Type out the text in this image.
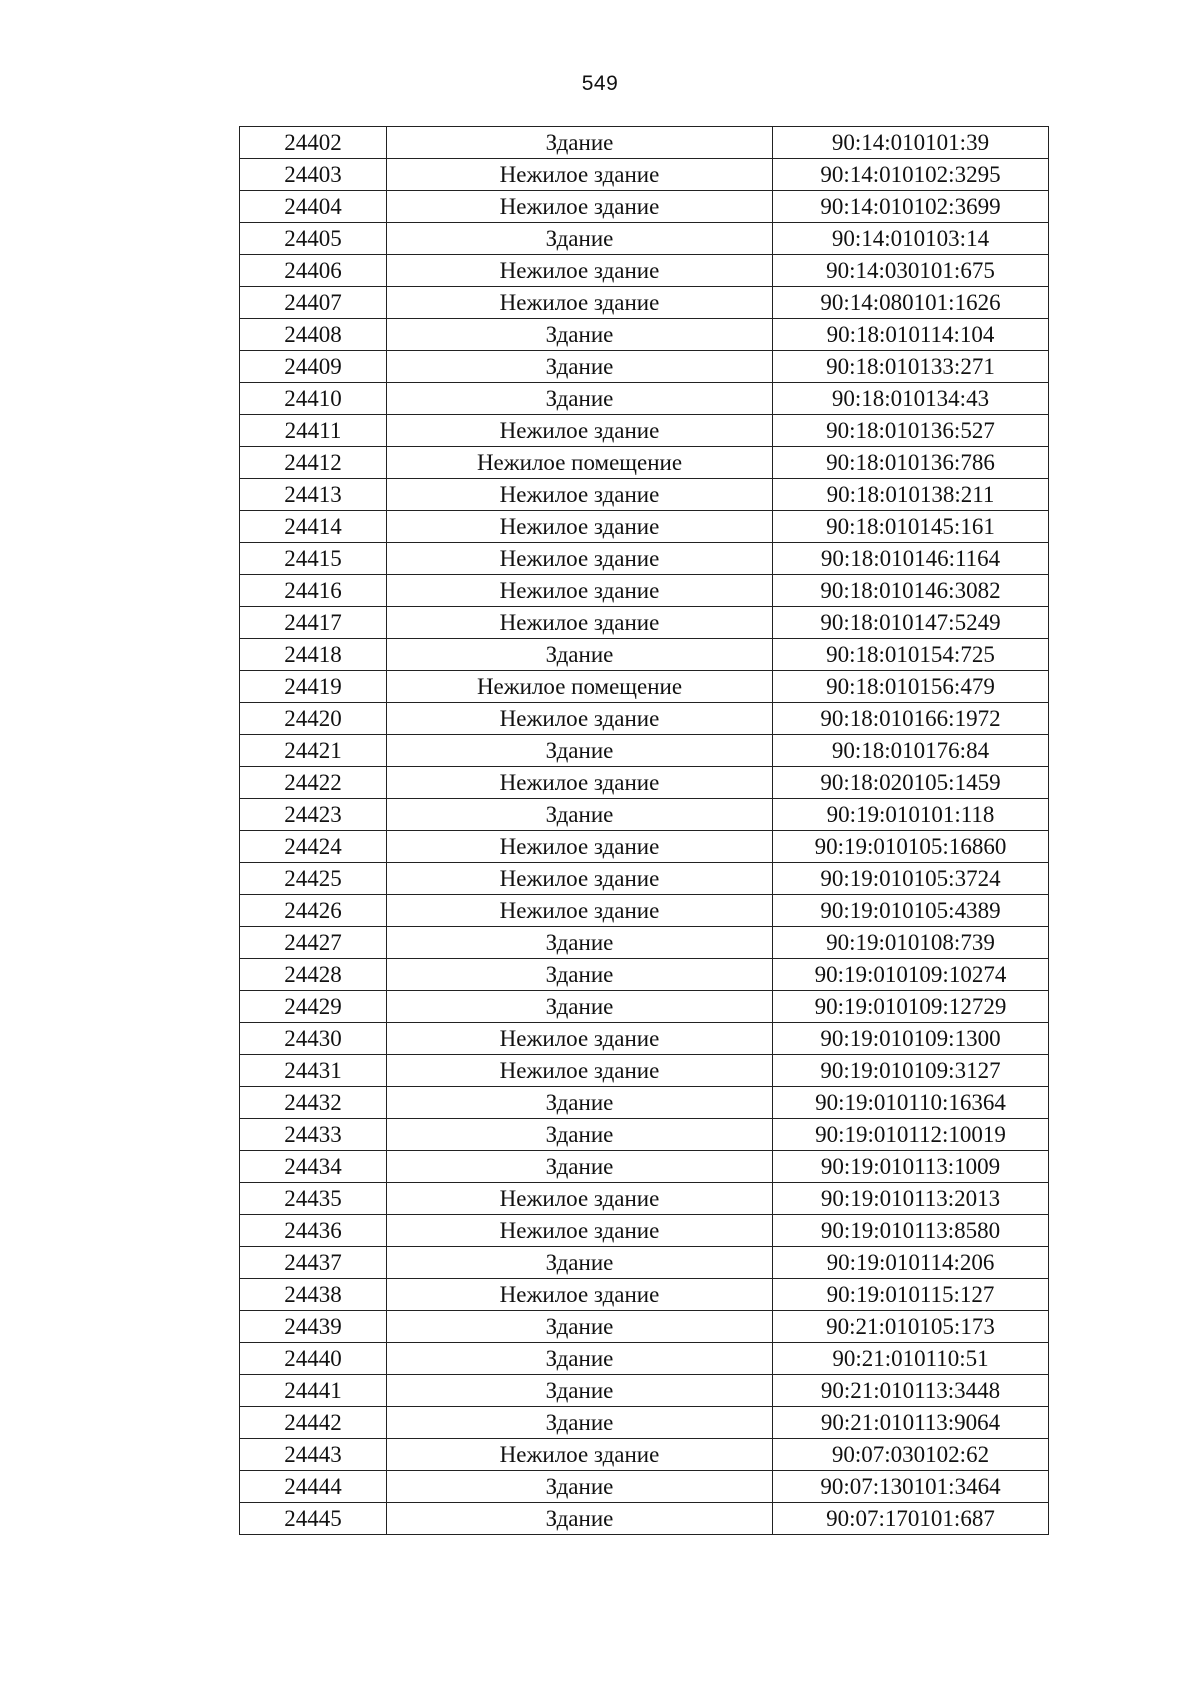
549
24402	Здание	90:14:010101:39
24403	Нежилое здание	90:14:010102:3295
24404	Нежилое здание	90:14:010102:3699
24405	Здание	90:14:010103:14
24406	Нежилое здание	90:14:030101:675
24407	Нежилое здание	90:14:080101:1626
24408	Здание	90:18:010114:104
24409	Здание	90:18:010133:271
24410	Здание	90:18:010134:43
24411	Нежилое здание	90:18:010136:527
24412	Нежилое помещение	90:18:010136:786
24413	Нежилое здание	90:18:010138:211
24414	Нежилое здание	90:18:010145:161
24415	Нежилое здание	90:18:010146:1164
24416	Нежилое здание	90:18:010146:3082
24417	Нежилое здание	90:18:010147:5249
24418	Здание	90:18:010154:725
24419	Нежилое помещение	90:18:010156:479
24420	Нежилое здание	90:18:010166:1972
24421	Здание	90:18:010176:84
24422	Нежилое здание	90:18:020105:1459
24423	Здание	90:19:010101:118
24424	Нежилое здание	90:19:010105:16860
24425	Нежилое здание	90:19:010105:3724
24426	Нежилое здание	90:19:010105:4389
24427	Здание	90:19:010108:739
24428	Здание	90:19:010109:10274
24429	Здание	90:19:010109:12729
24430	Нежилое здание	90:19:010109:1300
24431	Нежилое здание	90:19:010109:3127
24432	Здание	90:19:010110:16364
24433	Здание	90:19:010112:10019
24434	Здание	90:19:010113:1009
24435	Нежилое здание	90:19:010113:2013
24436	Нежилое здание	90:19:010113:8580
24437	Здание	90:19:010114:206
24438	Нежилое здание	90:19:010115:127
24439	Здание	90:21:010105:173
24440	Здание	90:21:010110:51
24441	Здание	90:21:010113:3448
24442	Здание	90:21:010113:9064
24443	Нежилое здание	90:07:030102:62
24444	Здание	90:07:130101:3464
24445	Здание	90:07:170101:687
